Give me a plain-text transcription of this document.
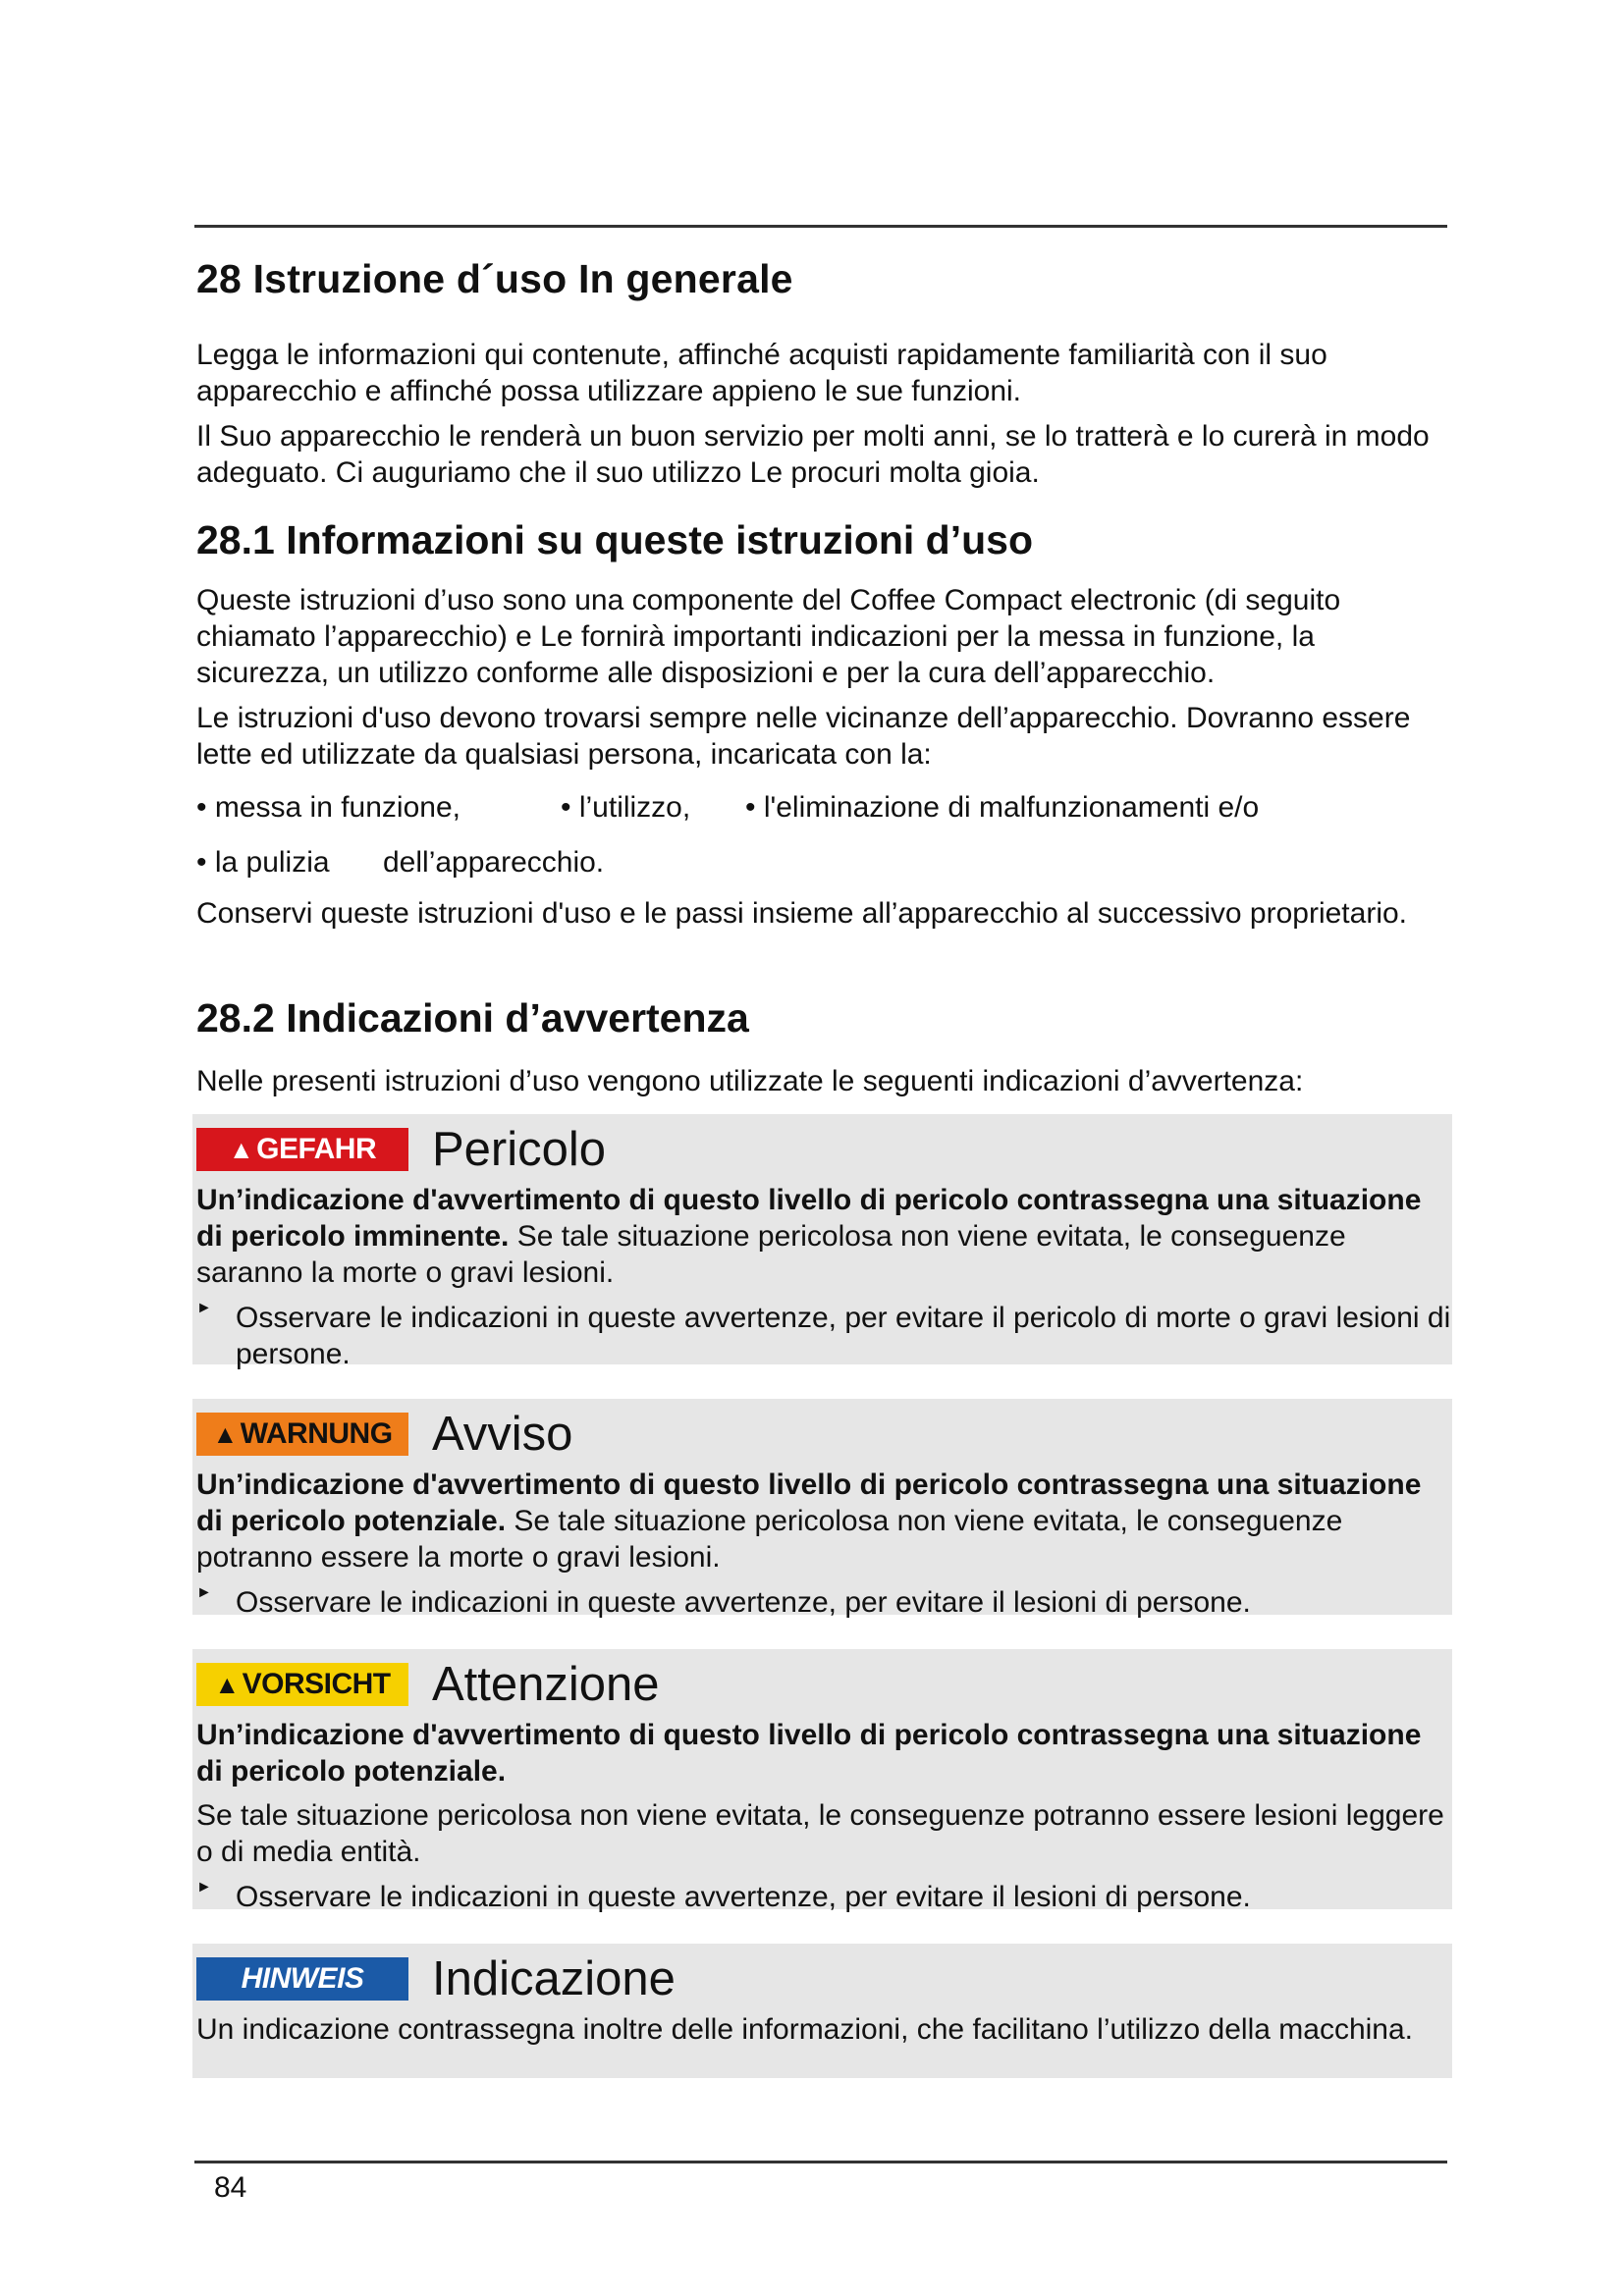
28 Istruzione d´uso In generale

Legga le informazioni qui contenute, affinché acquisti rapidamente familiarità con il suo apparecchio e affinché possa utilizzare appieno le sue funzioni.

Il Suo apparecchio le renderà un buon servizio per molti anni, se lo tratterà e lo curerà in modo adeguato. Ci auguriamo che il suo utilizzo Le procuri molta gioia.

28.1 Informazioni su queste istruzioni d’uso

Queste istruzioni d’uso sono una componente del Coffee Compact electronic (di seguito chiamato l’apparecchio) e Le fornirà importanti indicazioni per la messa in funzione, la sicurezza, un utilizzo conforme alle disposizioni e per la cura dell’apparecchio.

Le istruzioni d'uso devono trovarsi sempre nelle vicinanze dell’apparecchio. Dovranno essere lette ed utilizzate da qualsiasi persona, incaricata con la:

• messa in funzione,	• l’utilizzo,	• l'eliminazione di malfunzionamenti e/o
• la pulizia	dell’apparecchio.

Conservi queste istruzioni d'uso e le passi insieme all’apparecchio al successivo proprietario.

28.2 Indicazioni d’avvertenza

Nelle presenti istruzioni d’uso vengono utilizzate le seguenti indicazioni d’avvertenza:

▲ GEFAHR Pericolo

Un’indicazione d'avvertimento di questo livello di pericolo contrassegna una situazione di pericolo imminente. Se tale situazione pericolosa non viene evitata, le conseguenze saranno la morte o gravi lesioni.

► Osservare le indicazioni in queste avvertenze, per evitare il pericolo di morte o gravi lesioni di persone.

▲ WARNUNG Avviso

Un’indicazione d'avvertimento di questo livello di pericolo contrassegna una situazione di pericolo potenziale. Se tale situazione pericolosa non viene evitata, le conseguenze potranno essere la morte o gravi lesioni.

► Osservare le indicazioni in queste avvertenze, per evitare il lesioni di persone.

▲ VORSICHT Attenzione

Un’indicazione d'avvertimento di questo livello di pericolo contrassegna una situazione di pericolo potenziale.

Se tale situazione pericolosa non viene evitata, le conseguenze potranno essere lesioni leggere o di media entità.

► Osservare le indicazioni in queste avvertenze, per evitare il lesioni di persone.

HINWEIS Indicazione

Un indicazione contrassegna inoltre delle informazioni, che facilitano l’utilizzo della macchina.

84
